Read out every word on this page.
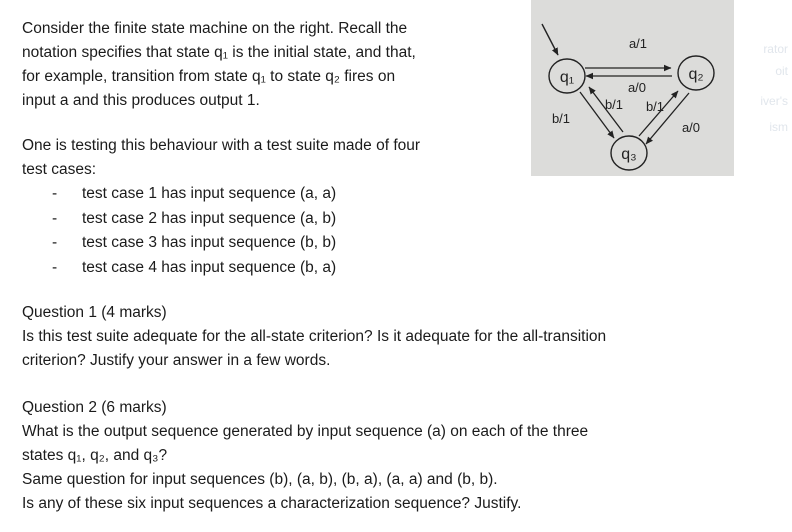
Consider the finite state machine on the right. Recall the
notation specifies that state q₁ is the initial state, and that,
for example, transition from state q₁ to state q₂ fires on
input a and this produces output 1.
One is testing this behaviour with a test suite made of four
test cases:
- test case 1 has input sequence (a, a)
- test case 2 has input sequence (a, b)
- test case 3 has input sequence (b, b)
- test case 4 has input sequence (b, a)
Question 1 (4 marks)
Is this test suite adequate for the all-state criterion? Is it adequate for the all-transition
criterion? Justify your answer in a few words.
Question 2 (6 marks)
What is the output sequence generated by input sequence (a) on each of the three
states q₁, q₂, and q₃?
Same question for input sequences (b), (a, b), (b, a), (a, a) and (b, b).
Is any of these six input sequences a characterization sequence? Justify.
q₁	q₂
q₃
a/1
a/0
b/1
b/1 b/1
a/0
rator
oit
iver's
ism
